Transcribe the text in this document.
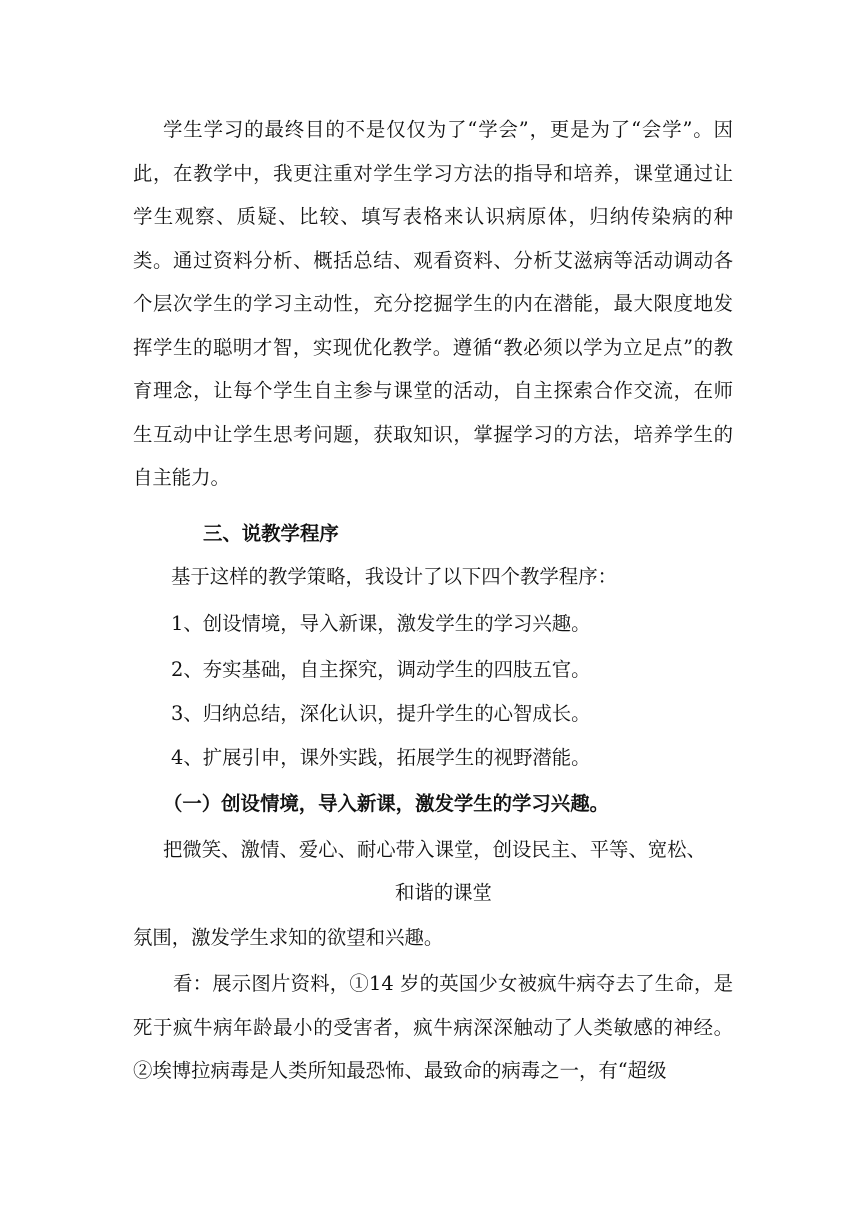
学生学习的最终目的不是仅仅为了“学会”，更是为了“会学”。因此，在教学中，我更注重对学生学习方法的指导和培养，课堂通过让学生观察、质疑、比较、填写表格来认识病原体，归纳传染病的种类。通过资料分析、概括总结、观看资料、分析艾滋病等活动调动各个层次学生的学习主动性，充分挖掘学生的内在潜能，最大限度地发挥学生的聪明才智，实现优化教学。遵循“教必须以学为立足点”的教育理念，让每个学生自主参与课堂的活动，自主探索合作交流，在师生互动中让学生思考问题，获取知识，掌握学习的方法，培养学生的自主能力。

三、说教学程序

基于这样的教学策略，我设计了以下四个教学程序：

1、创设情境，导入新课，激发学生的学习兴趣。

2、夯实基础，自主探究，调动学生的四肢五官。

3、归纳总结，深化认识，提升学生的心智成长。

4、扩展引申，课外实践，拓展学生的视野潜能。

（一）创设情境，导入新课，激发学生的学习兴趣。

把微笑、激情、爱心、耐心带入课堂，创设民主、平等、宽松、

和谐的课堂

氛围，激发学生求知的欲望和兴趣。

看：展示图片资料，①14 岁的英国少女被疯牛病夺去了生命，是死于疯牛病年龄最小的受害者，疯牛病深深触动了人类敏感的神经。②埃博拉病毒是人类所知最恐怖、最致命的病毒之一，有“超级
